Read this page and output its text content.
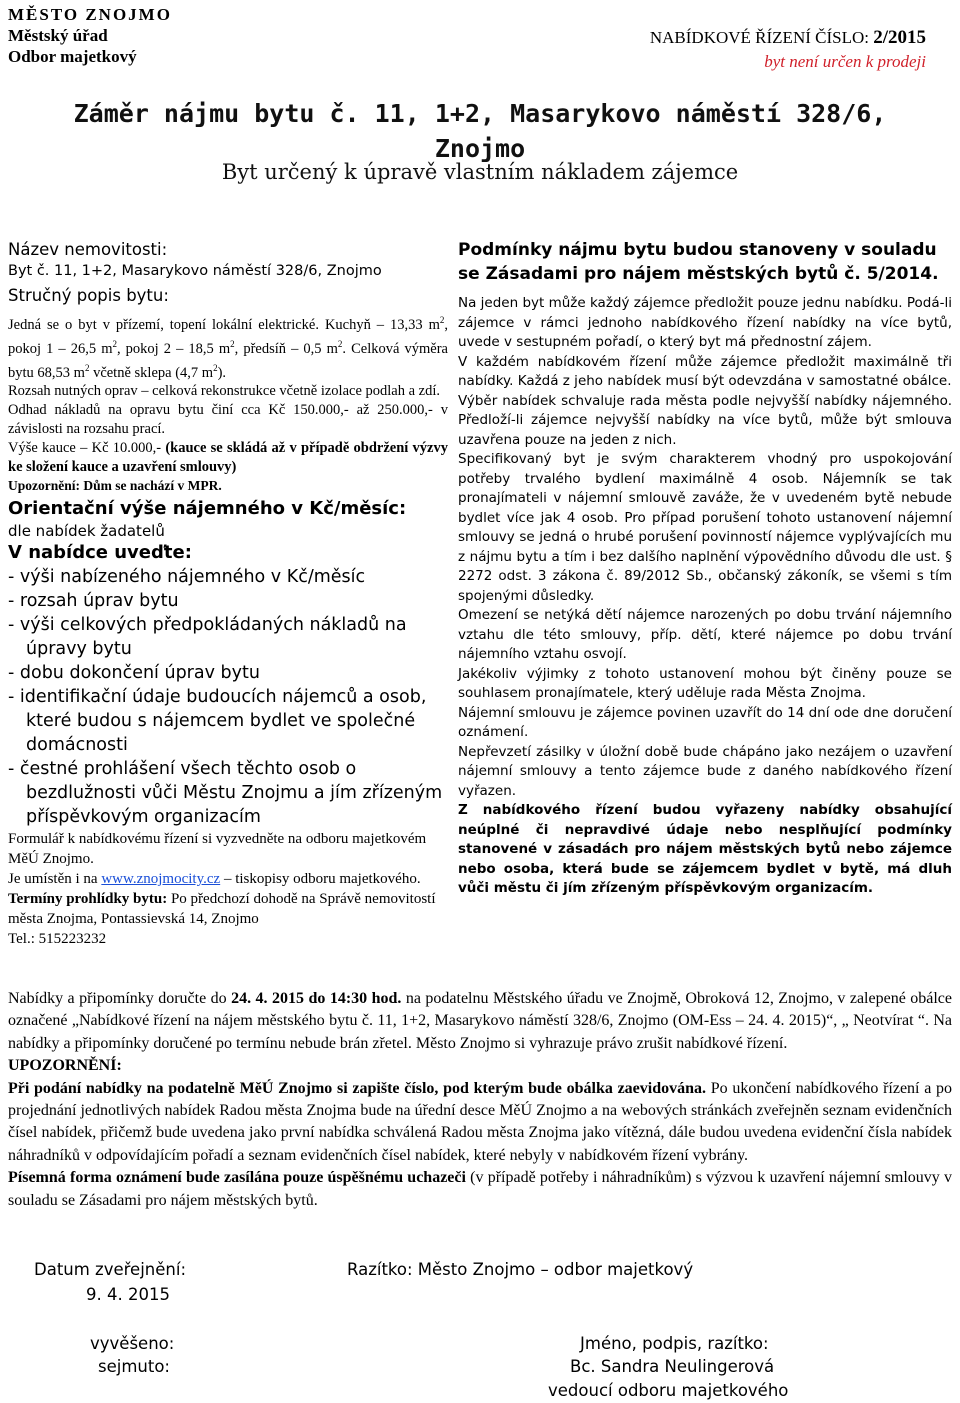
MĚSTO ZNOJMO
Městský úřad
Odbor majetkový
NABÍDKOVÉ ŘÍZENÍ ČÍSLO: 2/2015
byt není určen k prodeji
Záměr nájmu bytu č. 11, 1+2, Masarykovo náměstí 328/6,
Znojmo
Byt určený k úpravě vlastním nákladem zájemce
Název nemovitosti:
Byt č. 11, 1+2, Masarykovo náměstí 328/6, Znojmo
Stručný popis bytu:

Jedná se o byt v přízemí, topení lokální elektrické. Kuchyň – 13,33 $m^2$, pokoj 1 – 26,5 $m^2$, pokoj 2 – 18,5 $m^2$, předsíň – 0,5 $m^2$. Celková výměra bytu 68,53 $m^2$ včetně sklepa (4,7 $m^2$).

Rozsah nutných oprav – celková rekonstrukce včetně izolace podlah a zdí.

Odhad nákladů na opravu bytu činí cca Kč 150.000,- až 250.000,- v závislosti na rozsahu prací.

Výše kauce – Kč 10.000,- (kauce se skládá až v případě obdržení výzvy ke složení kauce a uzavření smlouvy)

Upozornění: Dům se nachází v MPR.

Orientační výše nájemného v Kč/měsíc:
dle nabídek žadatelů
V nabídce uveďte:
- výši nabízeného nájemného v Kč/měsíc
- rozsah úprav bytu
- výši celkových předpokládaných nákladů na úpravy bytu
- dobu dokončení úprav bytu
- identifikační údaje budoucích nájemců a osob, které budou s nájemcem bydlet ve společné domácnosti
- čestné prohlášení všech těchto osob o bezdlužnosti vůči Městu Znojmu a jím zřízeným příspěvkovým organizacím

Formulář k nabídkovému řízení si vyzvedněte na odboru majetkovém MěÚ Znojmo.

Je umístěn i na www.znojmocity.cz – tiskopisy odboru majetkového.

Termíny prohlídky bytu: Po předchozí dohodě na Správě nemovitostí města Znojma, Pontassievská 14, Znojmo

Tel.: 515223232

Podmínky nájmu bytu budou stanoveny v souladu se Zásadami pro nájem městských bytů č. 5/2014.

Na jeden byt může každý zájemce předložit pouze jednu nabídku. Podá-li zájemce v rámci jednoho nabídkového řízení nabídky na více bytů, uvede v sestupném pořadí, o který byt má přednostní zájem.

V každém nabídkovém řízení může zájemce předložit maximálně tři nabídky. Každá z jeho nabídek musí být odevzdána v samostatné obálce.

Výběr nabídek schvaluje rada města podle nejvyšší nabídky nájemného. Předloží-li zájemce nejvyšší nabídky na více bytů, může být smlouva uzavřena pouze na jeden z nich.

Specifikovaný byt je svým charakterem vhodný pro uspokojování potřeby trvalého bydlení maximálně 4 osob. Nájemník se tak pronajímateli v nájemní smlouvě zaváže, že v uvedeném bytě nebude bydlet více jak 4 osob. Pro případ porušení tohoto ustanovení nájemní smlouvy se jedná o hrubé porušení povinností nájemce vyplývajících mu z nájmu bytu a tím i bez dalšího naplnění výpovědního důvodu dle ust. § 2272 odst. 3 zákona č. 89/2012 Sb., občanský zákoník, se všemi s tím spojenými důsledky.

Omezení se netýká dětí nájemce narozených po dobu trvání nájemního vztahu dle této smlouvy, příp. dětí, které nájemce po dobu trvání nájemního vztahu osvojí.

Jakékoliv výjimky z tohoto ustanovení mohou být činěny pouze se souhlasem pronajímatele, který uděluje rada Města Znojma.

Nájemní smlouvu je zájemce povinen uzavřít do 14 dní ode dne doručení oznámení.

Nepřevzetí zásilky v úložní době bude chápáno jako nezájem o uzavření nájemní smlouvy a tento zájemce bude z daného nabídkového řízení vyřazen.

Z nabídkového řízení budou vyřazeny nabídky obsahující neúplné či nepravdivé údaje nebo nesplňující podmínky stanovené v zásadách pro nájem městských bytů nebo zájemce nebo osoba, která bude se zájemcem bydlet v bytě, má dluh vůči městu či jím zřízeným příspěvkovým organizacím.

Nabídky a připomínky doručte do 24. 4. 2015 do 14:30 hod. na podatelnu Městského úřadu ve Znojmě, Obroková 12, Znojmo, v zalepené obálce označené „Nabídkové řízení na nájem městského bytu č. 11, 1+2, Masarykovo náměstí 328/6, Znojmo (OM-Ess – 24. 4. 2015)“, „ Neotvírat “. Na nabídky a připomínky doručené po termínu nebude brán zřetel. Město Znojmo si vyhrazuje právo zrušit nabídkové řízení.

UPOZORNĚNÍ:

Při podání nabídky na podatelně MěÚ Znojmo si zapište číslo, pod kterým bude obálka zaevidována. Po ukončení nabídkového řízení a po projednání jednotlivých nabídek Radou města Znojma bude na úřední desce MěÚ Znojmo a na webových stránkách zveřejněn seznam evidenčních čísel nabídek, přičemž bude uvedena jako první nabídka schválená Radou města Znojma jako vítězná, dále budou uvedena evidenční čísla nabídek náhradníků v odpovídajícím pořadí a seznam evidenčních čísel nabídek, které nebyly v nabídkovém řízení vybrány.

Písemná forma oznámení bude zasílána pouze úspěšnému uchazeči (v případě potřeby i náhradníkům) s výzvou k uzavření nájemní smlouvy v souladu se Zásadami pro nájem městských bytů.

Datum zveřejnění:
9. 4. 2015
Razítko: Město Znojmo – odbor majetkový
vyvěšeno:
sejmuto:
Jméno, podpis, razítko:
Bc. Sandra Neulingerová
vedoucí odboru majetkového
